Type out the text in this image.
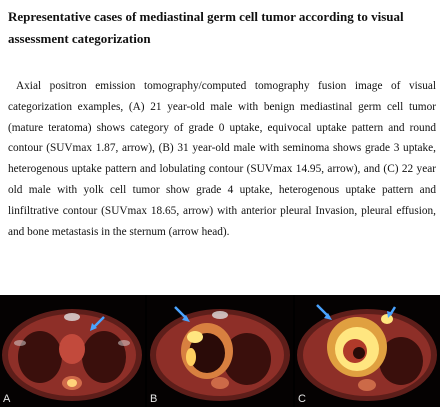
Representative cases of mediastinal germ cell tumor according to visual assessment categorization
Axial positron emission tomography/computed tomography fusion image of visual categorization examples, (A) 21 year-old male with benign mediastinal germ cell tumor (mature teratoma) shows category of grade 0 uptake, equivocal uptake pattern and round contour (SUVmax 1.87, arrow), (B) 31 year-old male with seminoma shows grade 3 uptake, heterogenous uptake pattern and lobulating contour (SUVmax 14.95, arrow), and (C) 22 year old male with yolk cell tumor show grade 4 uptake, heterogenous uptake pattern and linfiltrative contour (SUVmax 18.65, arrow) with anterior pleural Invasion, pleural effusion, and bone metastasis in the sternum (arrow head).
A	B	C
